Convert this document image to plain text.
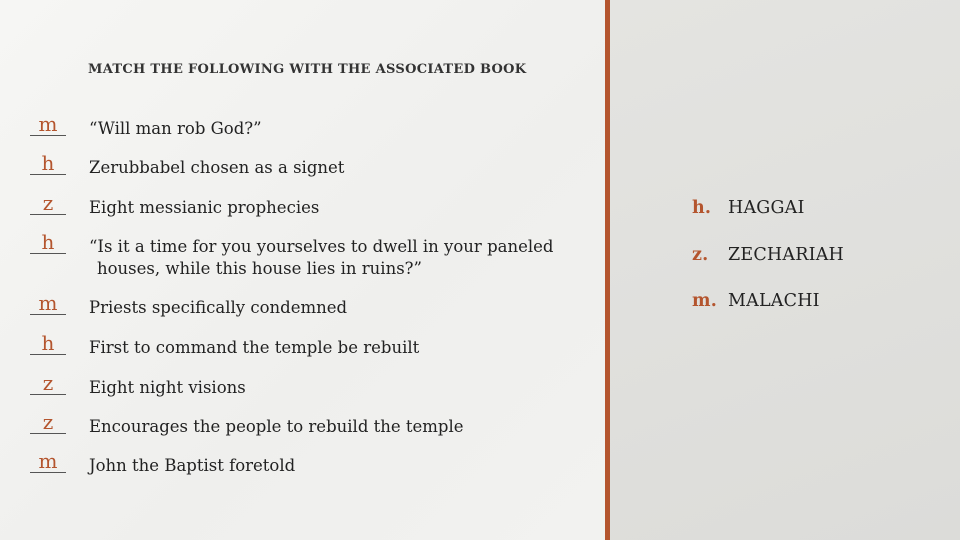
MATCH THE FOLLOWING WITH THE ASSOCIATED BOOK
m	“Will man rob God?”
h	Zerubbabel chosen as a signet
z	Eight messianic prophecies
h	“Is it a time for you yourselves to dwell in your paneled
houses, while this house lies in ruins?”
m	Priests specifically condemned
h	First to command the temple be rebuilt
z	Eight night visions
z	Encourages the people to rebuild the temple
m	John the Baptist foretold
h. HAGGAI
z. ZECHARIAH
m. MALACHI
